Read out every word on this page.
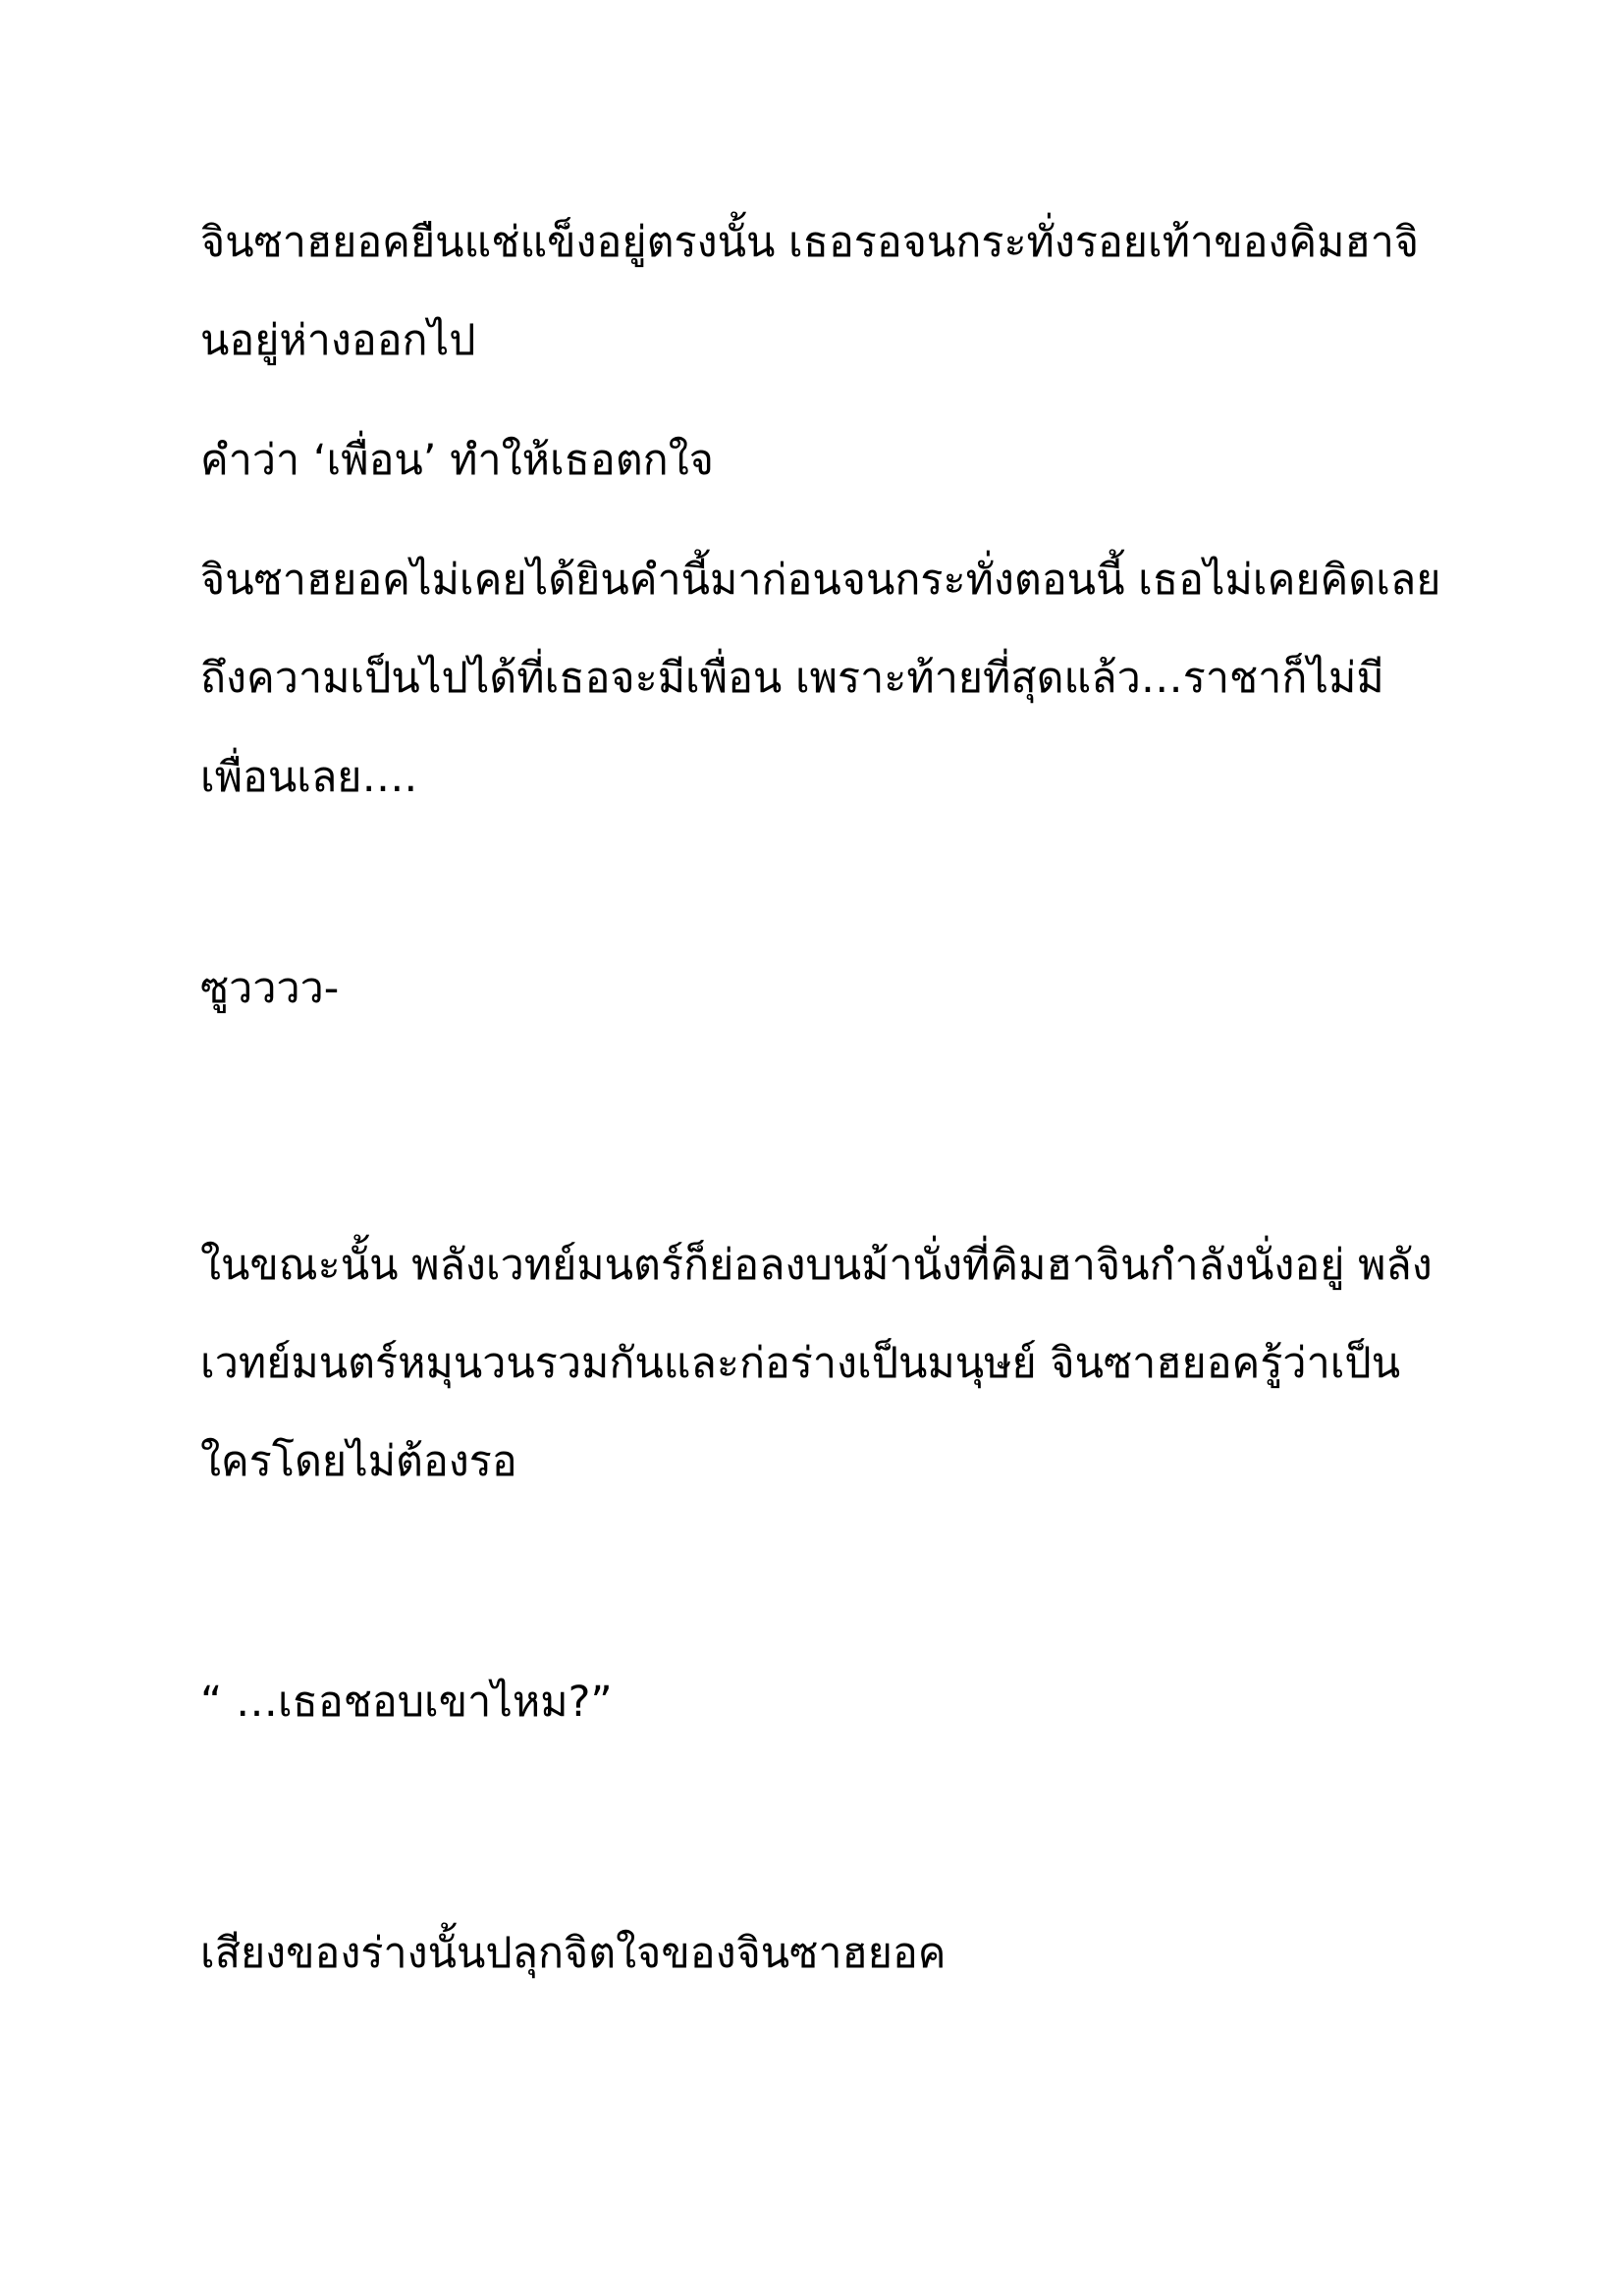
จินซาฮยอคยืนแช่แข็งอยู่ตรงนั้น เธอรอจนกระทั่งรอยเท้าของคิมฮาจิ

นอยู่ห่างออกไป

คำว่า ‘เพื่อน’ ทำให้เธอตกใจ

จินซาฮยอคไม่เคยได้ยินคำนี้มาก่อนจนกระทั่งตอนนี้ เธอไม่เคยคิดเลย

ถึงความเป็นไปได้ที่เธอจะมีเพื่อน เพราะท้ายที่สุดแล้ว…ราชาก็ไม่มี

เพื่อนเลย….

ซูวววว-

ในขณะนั้น พลังเวทย์มนตร์ก็ย่อลงบนม้านั่งที่คิมฮาจินกำลังนั่งอยู่ พลัง

เวทย์มนตร์หมุนวนรวมกันและก่อร่างเป็นมนุษย์ จินซาฮยอครู้ว่าเป็น

ใครโดยไม่ต้องรอ

“ …เธอชอบเขาไหม?”

เสียงของร่างนั้นปลุกจิตใจของจินซาฮยอค
